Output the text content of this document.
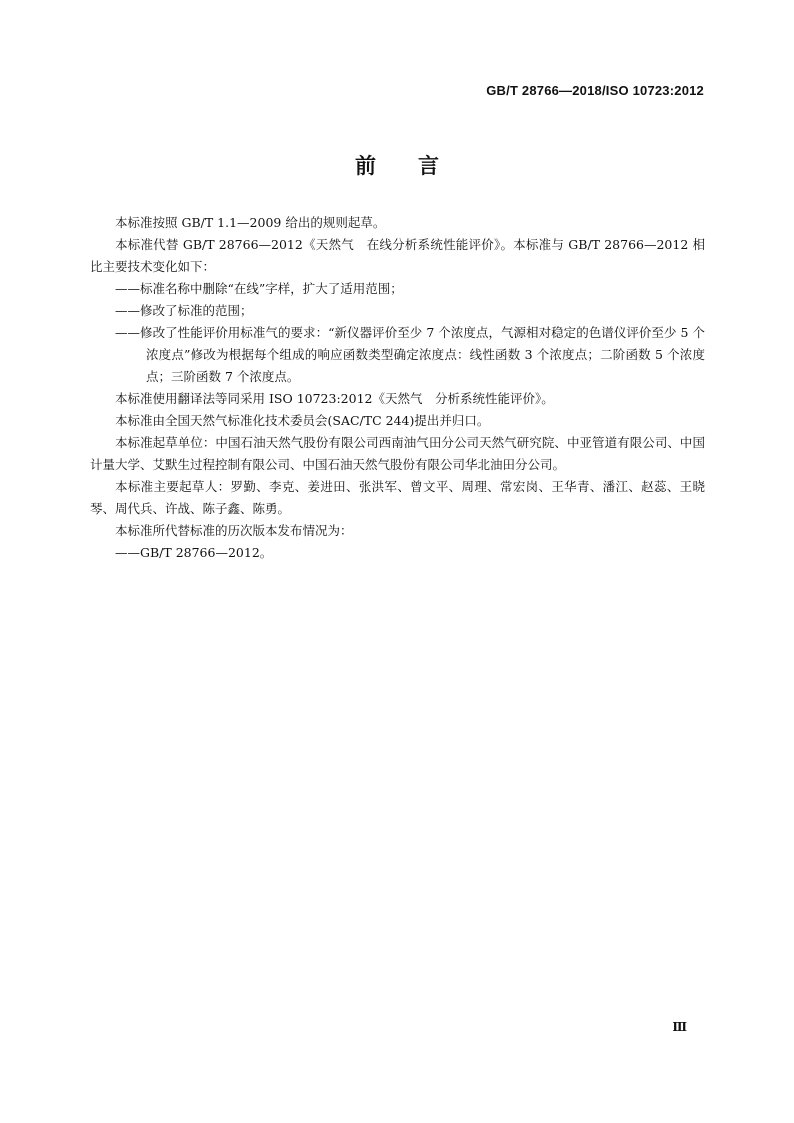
GB/T 28766—2018/ISO 10723:2012
前言

本标准按照 GB/T 1.1—2009 给出的规则起草。

本标准代替 GB/T 28766—2012《天然气　在线分析系统性能评价》。本标准与 GB/T 28766—2012 相比主要技术变化如下：

——标准名称中删除“在线”字样，扩大了适用范围；

——修改了标准的范围；

——修改了性能评价用标准气的要求：“新仪器评价至少 7 个浓度点，气源相对稳定的色谱仪评价至少 5 个浓度点”修改为根据每个组成的响应函数类型确定浓度点：线性函数 3 个浓度点；二阶函数 5 个浓度点；三阶函数 7 个浓度点。

本标准使用翻译法等同采用 ISO 10723:2012《天然气　分析系统性能评价》。

本标准由全国天然气标准化技术委员会(SAC/TC 244)提出并归口。

本标准起草单位：中国石油天然气股份有限公司西南油气田分公司天然气研究院、中亚管道有限公司、中国计量大学、艾默生过程控制有限公司、中国石油天然气股份有限公司华北油田分公司。

本标准主要起草人：罗勤、李克、姜进田、张洪军、曾文平、周理、常宏岗、王华青、潘江、赵蕊、王晓琴、周代兵、许战、陈子鑫、陈勇。

本标准所代替标准的历次版本发布情况为：

——GB/T 28766—2012。

Ⅲ
